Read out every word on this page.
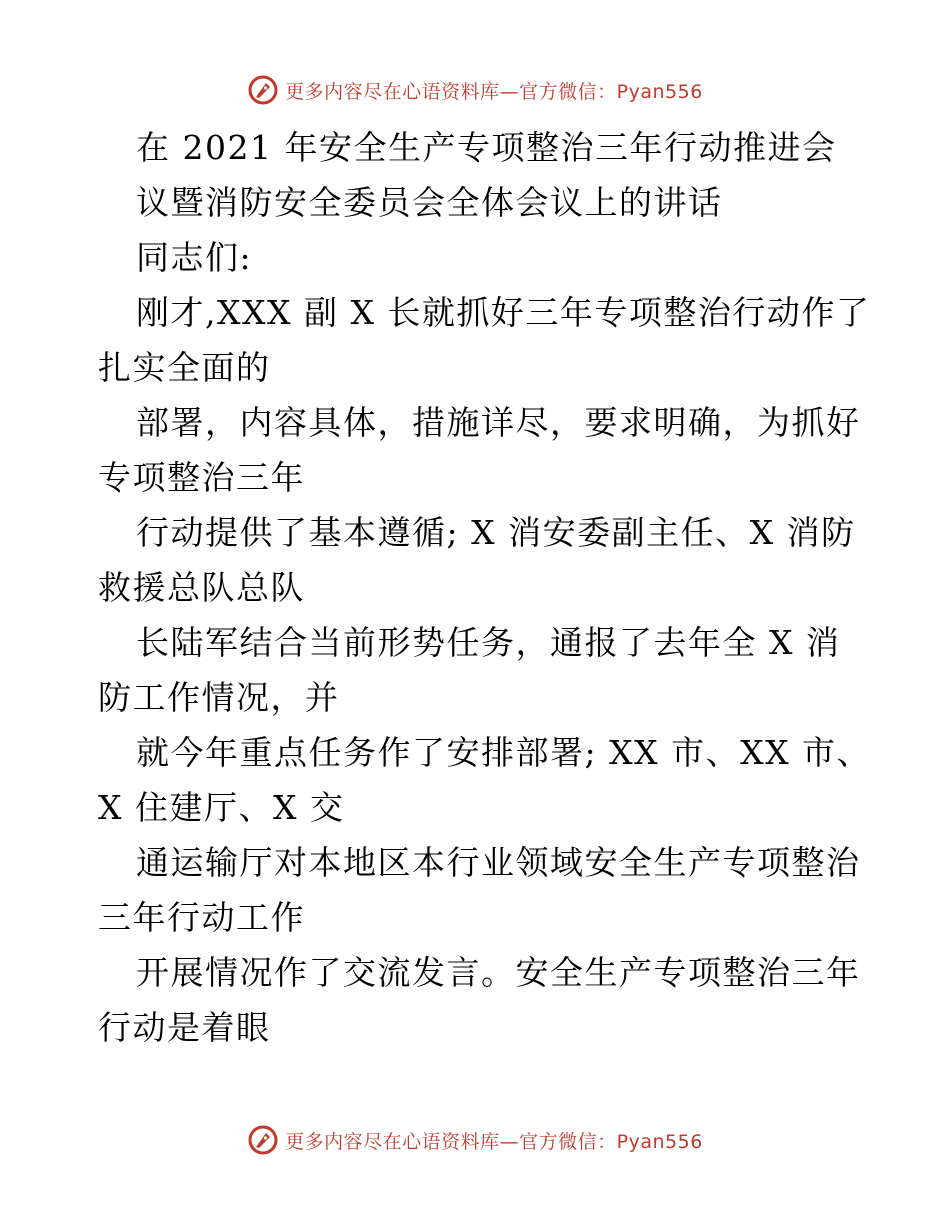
更多内容尽在心语资料库—官方微信：Pyan556
在 2021 年安全生产专项整治三年行动推进会
议暨消防安全委员会全体会议上的讲话
同志们:
刚才,XXX 副 X 长就抓好三年专项整治行动作了
扎实全面的
部署，内容具体，措施详尽，要求明确，为抓好
专项整治三年
行动提供了基本遵循; X 消安委副主任、X 消防
救援总队总队
长陆军结合当前形势任务，通报了去年全 X 消
防工作情况，并
就今年重点任务作了安排部署; XX 市、XX 市、
X 住建厅、X 交
通运输厅对本地区本行业领域安全生产专项整治
三年行动工作
开展情况作了交流发言。安全生产专项整治三年
行动是着眼
更多内容尽在心语资料库—官方微信：Pyan556
